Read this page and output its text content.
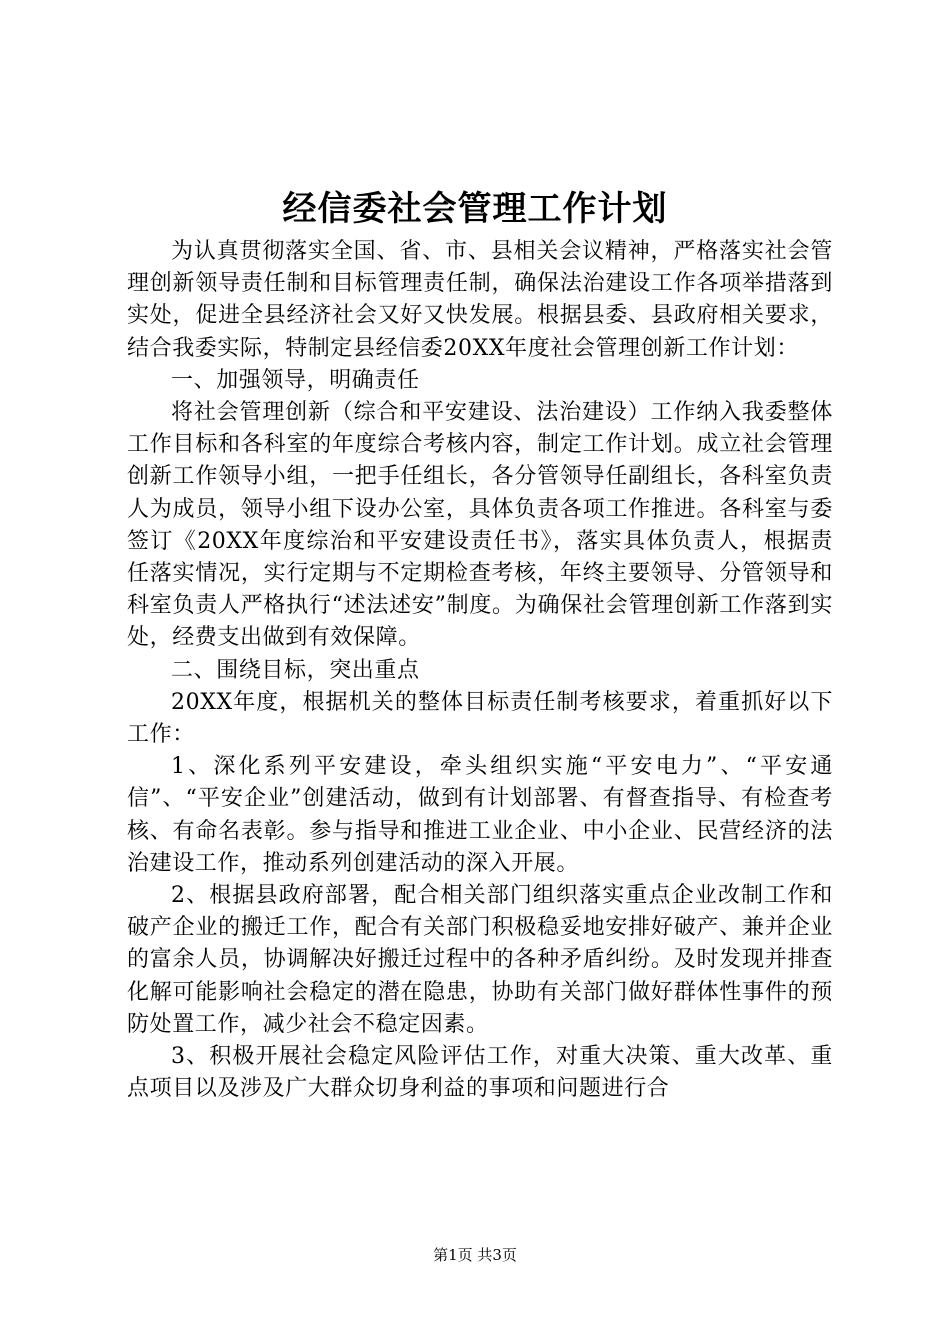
经信委社会管理工作计划

为认真贯彻落实全国、省、市、县相关会议精神，严格落实社会管理创新领导责任制和目标管理责任制，确保法治建设工作各项举措落到实处，促进全县经济社会又好又快发展。根据县委、县政府相关要求，结合我委实际，特制定县经信委20XX年度社会管理创新工作计划：

一、加强领导，明确责任

将社会管理创新（综合和平安建设、法治建设）工作纳入我委整体工作目标和各科室的年度综合考核内容，制定工作计划。成立社会管理创新工作领导小组，一把手任组长，各分管领导任副组长，各科室负责人为成员，领导小组下设办公室，具体负责各项工作推进。各科室与委签订《20XX年度综治和平安建设责任书》，落实具体负责人，根据责任落实情况，实行定期与不定期检查考核，年终主要领导、分管领导和科室负责人严格执行“述法述安”制度。为确保社会管理创新工作落到实处，经费支出做到有效保障。

二、围绕目标，突出重点

20XX年度，根据机关的整体目标责任制考核要求，着重抓好以下工作：

1、深化系列平安建设，牵头组织实施“平安电力”、“平安通信”、“平安企业”创建活动，做到有计划部署、有督查指导、有检查考核、有命名表彰。参与指导和推进工业企业、中小企业、民营经济的法治建设工作，推动系列创建活动的深入开展。

2、根据县政府部署，配合相关部门组织落实重点企业改制工作和破产企业的搬迁工作，配合有关部门积极稳妥地安排好破产、兼并企业的富余人员，协调解决好搬迁过程中的各种矛盾纠纷。及时发现并排查化解可能影响社会稳定的潜在隐患，协助有关部门做好群体性事件的预防处置工作，减少社会不稳定因素。

3、积极开展社会稳定风险评估工作，对重大决策、重大改革、重点项目以及涉及广大群众切身利益的事项和问题进行合

第1页 共3页
